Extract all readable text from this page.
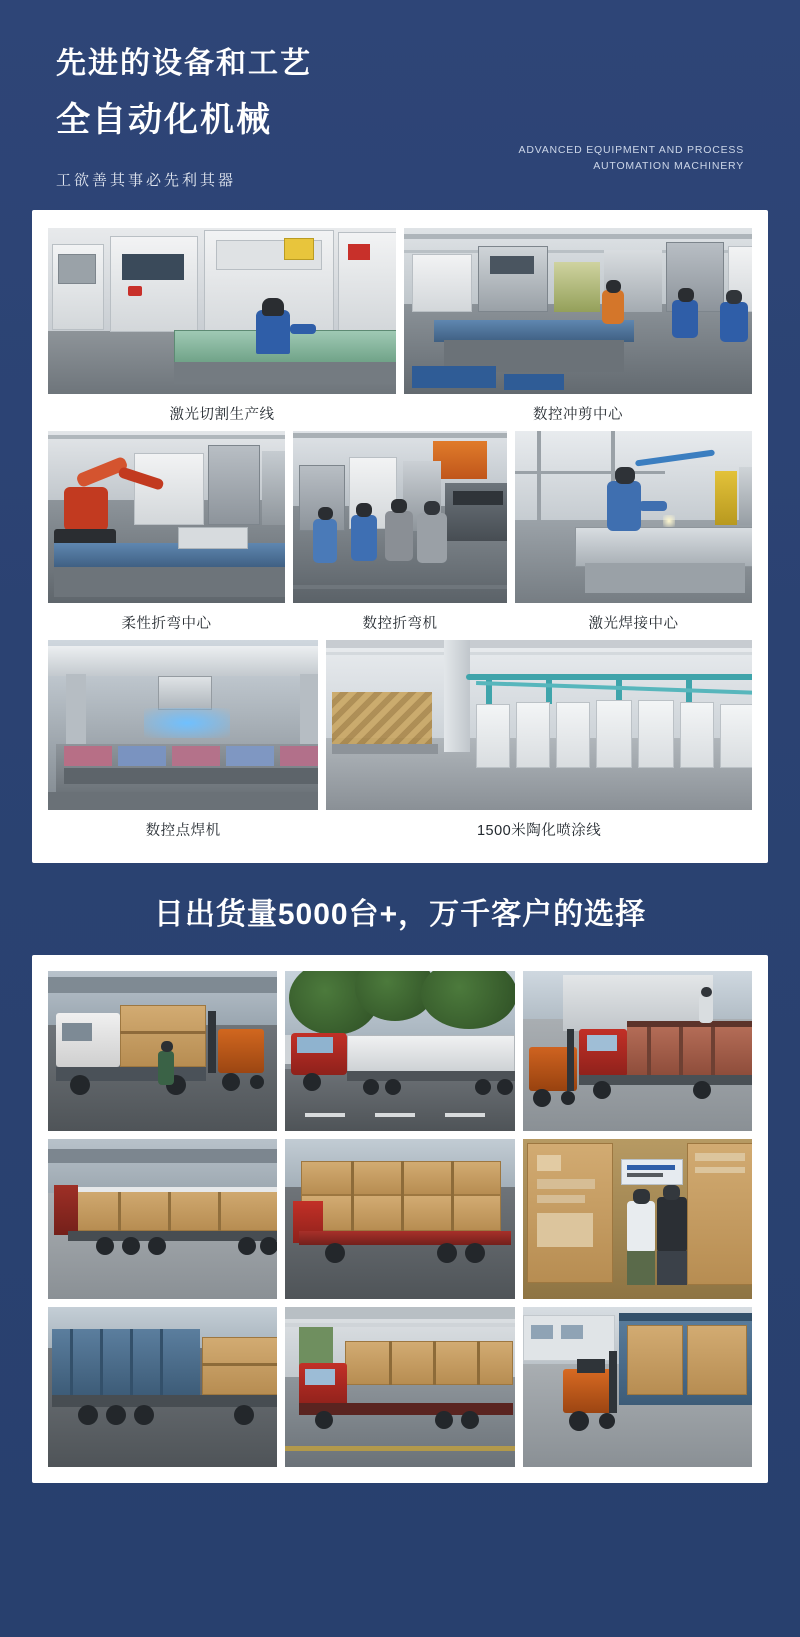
先进的设备和工艺
全自动化机械
工欲善其事必先利其器
ADVANCED EQUIPMENT AND PROCESS
AUTOMATION MACHINERY
激光切割生产线	数控冲剪中心
柔性折弯中心	数控折弯机	激光焊接中心
数控点焊机	1500米陶化喷涂线
日出货量5000台+，万千客户的选择
